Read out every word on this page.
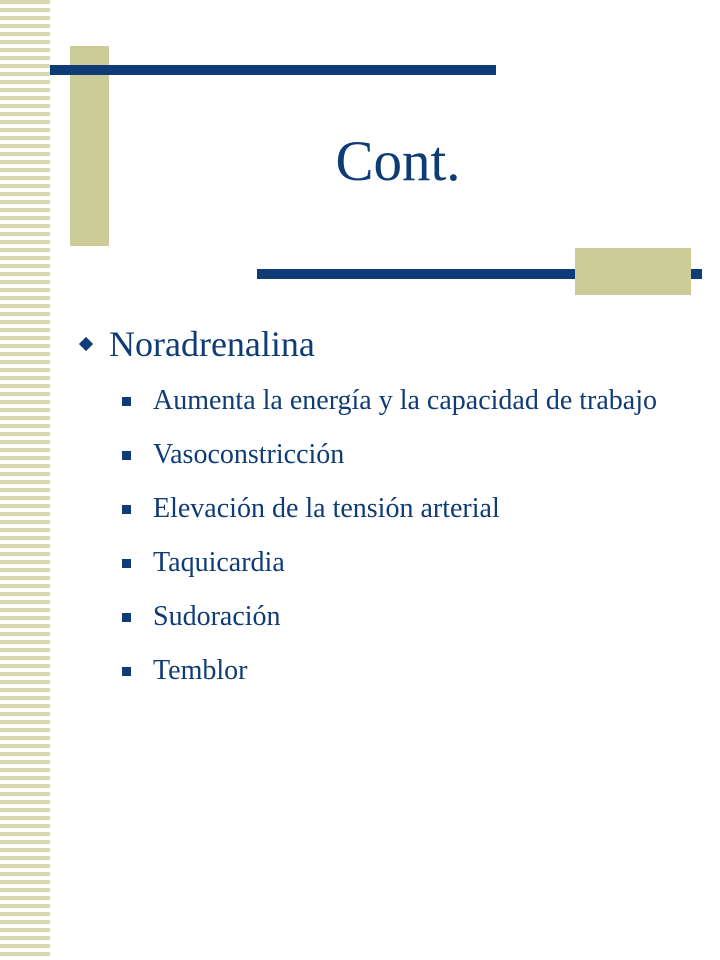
Cont.
Noradrenalina
Aumenta la energía y la capacidad de trabajo
Vasoconstricción
Elevación de la tensión arterial
Taquicardia
Sudoración
Temblor
